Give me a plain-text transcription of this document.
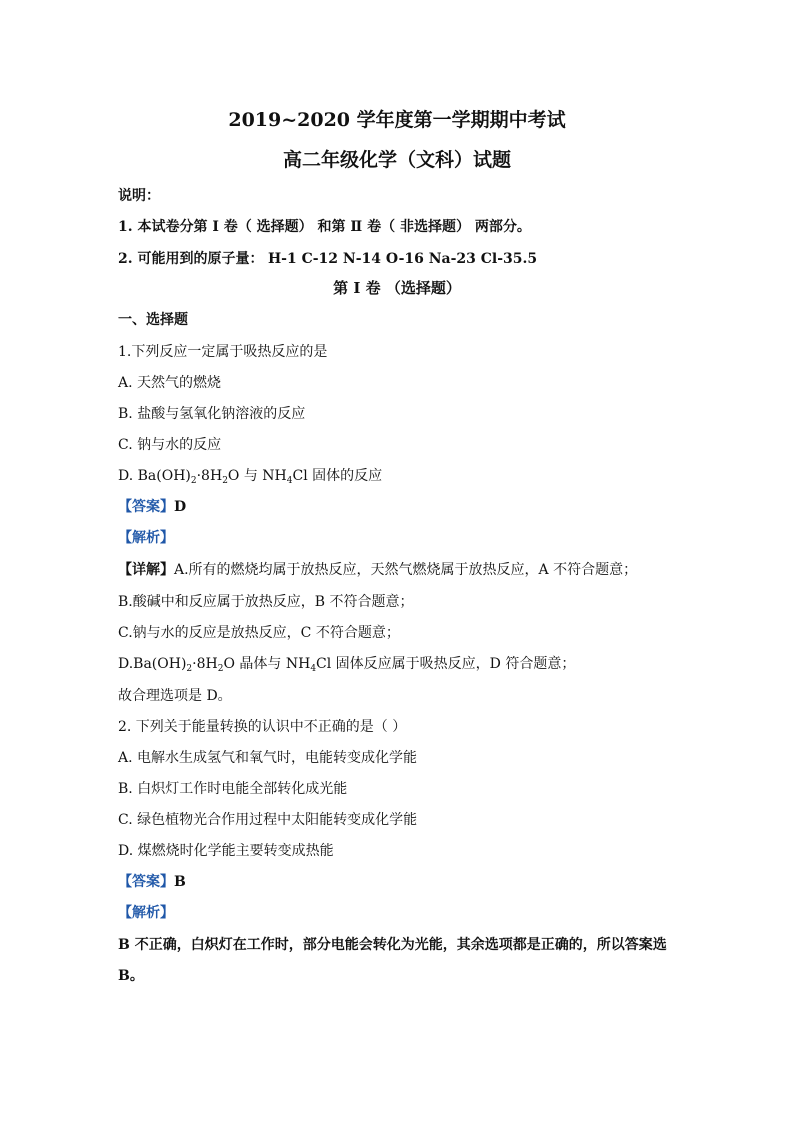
2019~2020 学年度第一学期期中考试
高二年级化学（文科）试题
说明：
1. 本试卷分第 Ⅰ 卷（ 选择题） 和第 Ⅱ 卷（ 非选择题） 两部分。
2. 可能用到的原子量： H-1 C-12 N-14 O-16 Na-23 Cl-35.5
第 Ⅰ 卷 （选择题）
一、选择题
1.下列反应一定属于吸热反应的是
A. 天然气的燃烧
B. 盐酸与氢氧化钠溶液的反应
C. 钠与水的反应
D. $Ba(OH)_2\cdot 8H_2O$ 与 $NH_4Cl$ 固体的反应
【答案】D
【解析】
【详解】A.所有的燃烧均属于放热反应，天然气燃烧属于放热反应，A 不符合题意；
B.酸碱中和反应属于放热反应，B 不符合题意；
C.钠与水的反应是放热反应，C 不符合题意；
$D.Ba(OH)_2\cdot 8H_2O$ 晶体与 $NH_4Cl$ 固体反应属于吸热反应，D 符合题意；
故合理选项是 D。
2. 下列关于能量转换的认识中不正确的是（ ）
A. 电解水生成氢气和氧气时，电能转变成化学能
B. 白炽灯工作时电能全部转化成光能
C. 绿色植物光合作用过程中太阳能转变成化学能
D. 煤燃烧时化学能主要转变成热能
【答案】B
【解析】
B 不正确，白炽灯在工作时，部分电能会转化为光能，其余选项都是正确的，所以答案选
B。
